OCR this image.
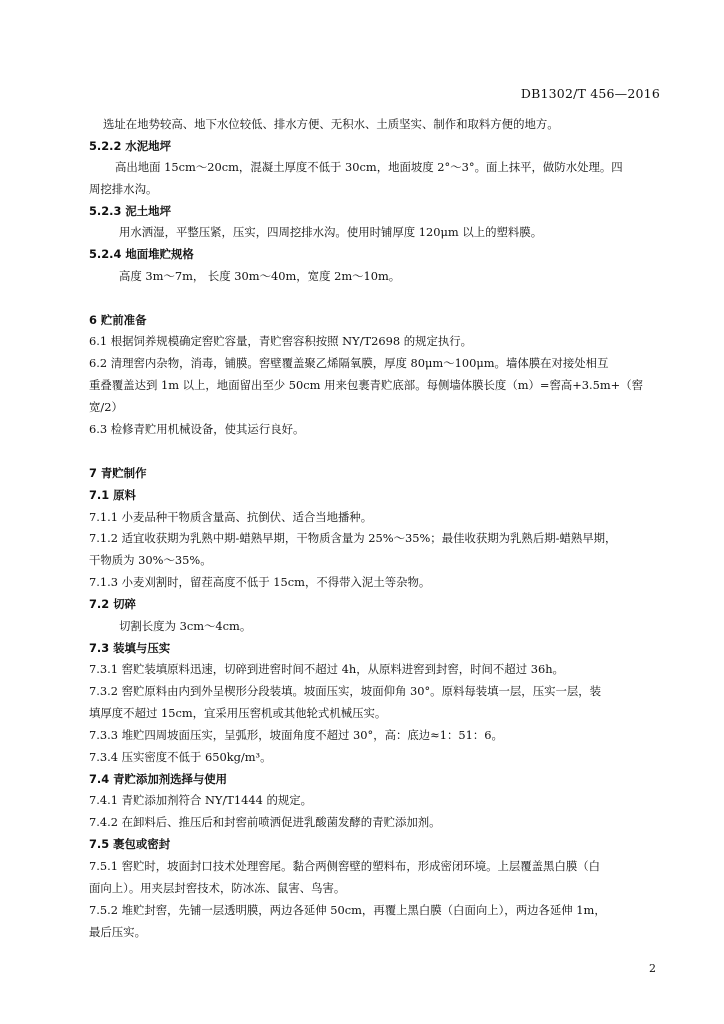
DB1302/T 456—2016
选址在地势较高、地下水位较低、排水方便、无积水、土质坚实、制作和取料方便的地方。
5.2.2 水泥地坪
高出地面 15cm～20cm，混凝土厚度不低于 30cm，地面坡度 2°～3°。面上抹平，做防水处理。四
周挖排水沟。
5.2.3 泥土地坪
用水洒湿，平整压紧，压实，四周挖排水沟。使用时铺厚度 120μm 以上的塑料膜。
5.2.4 地面堆贮规格
高度 3m～7m， 长度 30m～40m，宽度 2m～10m。
6 贮前准备
6.1 根据饲养规模确定窖贮容量，青贮窖容积按照 NY/T2698 的规定执行。
6.2 清理窖内杂物，消毒，铺膜。窖壁覆盖聚乙烯隔氧膜，厚度 80μm～100μm。墙体膜在对接处相互
重叠覆盖达到 1m 以上，地面留出至少 50cm 用来包裹青贮底部。每侧墙体膜长度（m）=窖高+3.5m+（窖
宽/2）
6.3 检修青贮用机械设备，使其运行良好。
7 青贮制作
7.1 原料
7.1.1 小麦品种干物质含量高、抗倒伏、适合当地播种。
7.1.2 适宜收获期为乳熟中期-蜡熟早期，干物质含量为 25%～35%；最佳收获期为乳熟后期-蜡熟早期，
干物质为 30%～35%。
7.1.3 小麦刈割时，留茬高度不低于 15cm，不得带入泥土等杂物。
7.2 切碎
切割长度为 3cm～4cm。
7.3 装填与压实
7.3.1 窖贮装填原料迅速，切碎到进窖时间不超过 4h，从原料进窖到封窖，时间不超过 36h。
7.3.2 窖贮原料由内到外呈楔形分段装填。坡面压实，坡面仰角 30°。原料每装填一层，压实一层，装
填厚度不超过 15cm，宜采用压窖机或其他轮式机械压实。
7.3.3 堆贮四周坡面压实，呈弧形，坡面角度不超过 30°，高：底边≈1：51：6。
7.3.4 压实密度不低于 650kg/m³。
7.4 青贮添加剂选择与使用
7.4.1 青贮添加剂符合 NY/T1444 的规定。
7.4.2 在卸料后、推压后和封窖前喷洒促进乳酸菌发酵的青贮添加剂。
7.5 裹包或密封
7.5.1 窖贮时，坡面封口技术处理窖尾。黏合两侧窖壁的塑料布，形成密闭环境。上层覆盖黑白膜（白
面向上）。用夹层封窖技术，防冰冻、鼠害、鸟害。
7.5.2 堆贮封窖，先铺一层透明膜，两边各延伸 50cm，再覆上黑白膜（白面向上），两边各延伸 1m，
最后压实。
2
